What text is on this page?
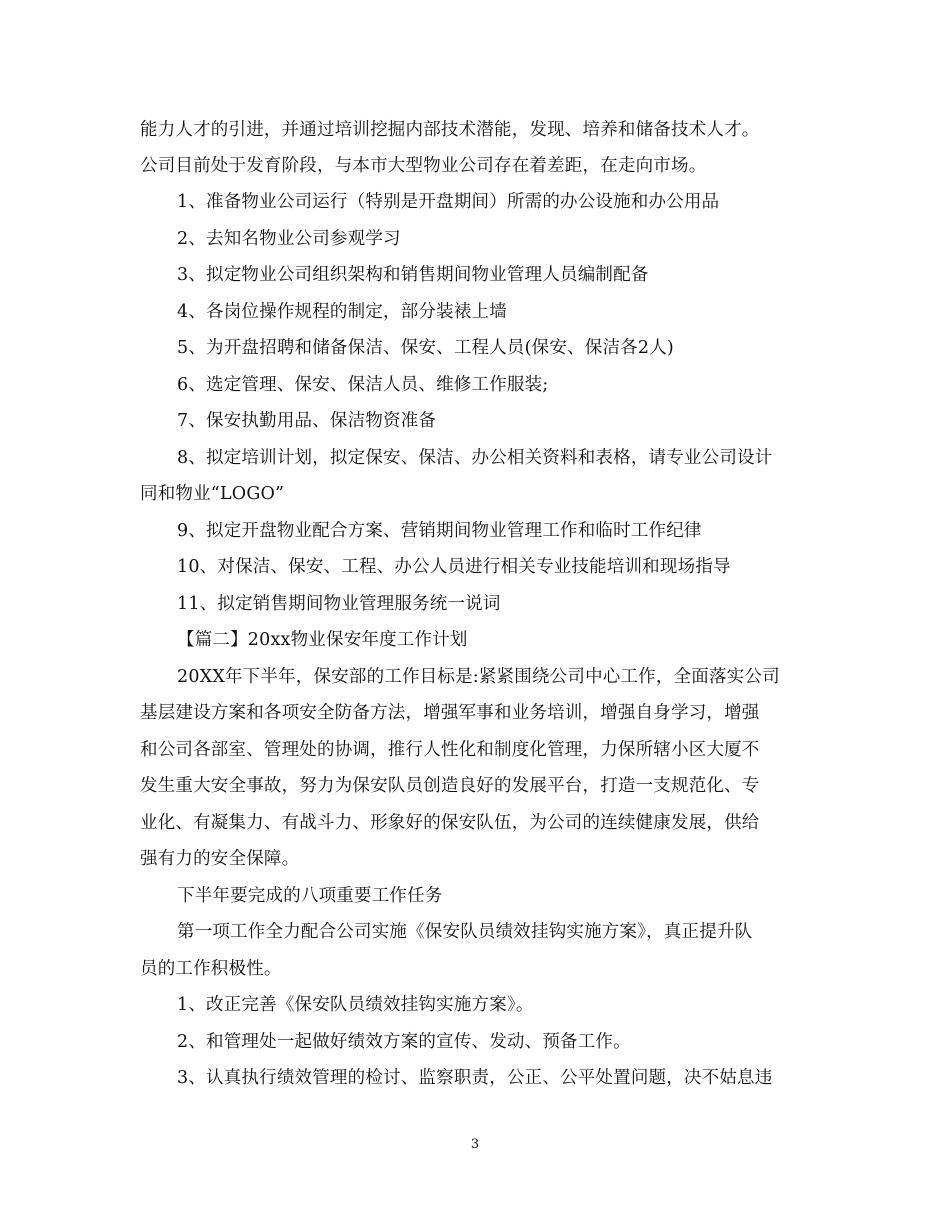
能力人才的引进，并通过培训挖掘内部技术潜能，发现、培养和储备技术人才。
公司目前处于发育阶段，与本市大型物业公司存在着差距，在走向市场。
1、准备物业公司运行（特别是开盘期间）所需的办公设施和办公用品
2、去知名物业公司参观学习
3、拟定物业公司组织架构和销售期间物业管理人员编制配备
4、各岗位操作规程的制定，部分装裱上墙
5、为开盘招聘和储备保洁、保安、工程人员(保安、保洁各2人)
6、选定管理、保安、保洁人员、维修工作服装;
7、保安执勤用品、保洁物资准备
8、拟定培训计划，拟定保安、保洁、办公相关资料和表格，请专业公司设计
同和物业“LOGO”
9、拟定开盘物业配合方案、营销期间物业管理工作和临时工作纪律
10、对保洁、保安、工程、办公人员进行相关专业技能培训和现场指导
11、拟定销售期间物业管理服务统一说词
【篇二】20xx物业保安年度工作计划
20XX年下半年，保安部的工作目标是:紧紧围绕公司中心工作，全面落实公司
基层建设方案和各项安全防备方法，增强军事和业务培训，增强自身学习，增强
和公司各部室、管理处的协调，推行人性化和制度化管理，力保所辖小区大厦不
发生重大安全事故，努力为保安队员创造良好的发展平台，打造一支规范化、专
业化、有凝集力、有战斗力、形象好的保安队伍，为公司的连续健康发展，供给
强有力的安全保障。
下半年要完成的八项重要工作任务
第一项工作全力配合公司实施《保安队员绩效挂钩实施方案》，真正提升队
员的工作积极性。
1、改正完善《保安队员绩效挂钩实施方案》。
2、和管理处一起做好绩效方案的宣传、发动、预备工作。
3、认真执行绩效管理的检讨、监察职责，公正、公平处置问题，决不姑息违
3
